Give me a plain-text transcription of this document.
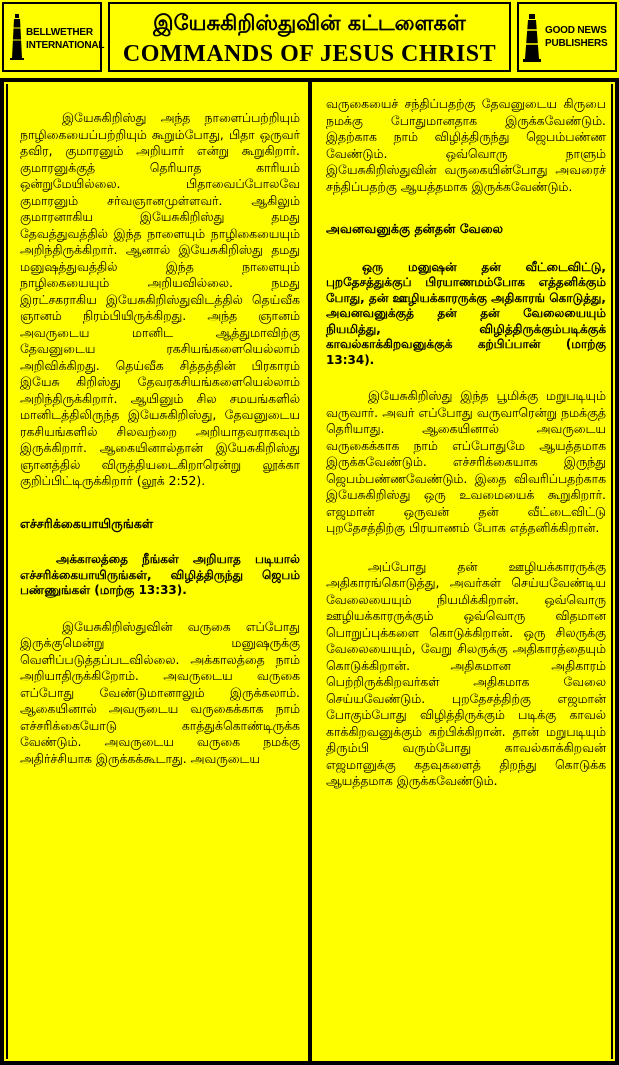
BELLWETHER INTERNATIONAL
இயேசுகிறிஸ்துவின் கட்டளைகள்
COMMANDS OF JESUS CHRIST
GOOD NEWS PUBLISHERS

இயேசுகிறிஸ்து அந்த நாளைப்பற்றியும் நாழிகையைப்பற்றியும் கூறும்போது, பிதா ஒருவர் தவிர, குமாரனும் அறியார் என்று கூறுகிறார். குமாரனுக்குத் தெரியாத காரியம் ஒன்றுமேயில்லை. பிதாவைப்போலவே குமாரனும் சர்வஞானமுள்ளவர். ஆகிலும் குமாரனாகிய இயேசுகிறிஸ்து தமது தேவத்துவத்தில் இந்த நாளையும் நாழிகையையும் அறிந்திருக்கிறார். ஆனால் இயேசுகிறிஸ்து தமது மனுஷத்துவத்தில் இந்த நாளையும் நாழிகையையும் அறியவில்லை. நமது இரட்சகராகிய இயேசுகிறிஸ்துவிடத்தில் தெய்வீக ஞானம் நிரம்பியிருக்கிறது. அந்த ஞானம் அவருடைய மானிட ஆத்துமாவிற்கு தேவனுடைய ரகசியங்களையெல்லாம் அறிவிக்கிறது. தெய்வீக சித்தத்தின் பிரகாரம் இயேசு கிறிஸ்து தேவரகசியங்களையெல்லாம் அறிந்திருக்கிறார். ஆயினும் சில சமயங்களில் மானிடத்திலிருந்த இயேசுகிறிஸ்து, தேவனுடைய ரகசியங்களில் சிலவற்றை அறியாதவராகவும் இருக்கிறார். ஆகையினால்தான் இயேசுகிறிஸ்து ஞானத்தில் விருத்தியடைகிறாரென்று லூக்கா குறிப்பிட்டிருக்கிறார் (லூக் 2:52).

எச்சரிக்கையாயிருங்கள்

அக்காலத்தை நீங்கள் அறியாத படியால் எச்சரிக்கையாயிருங்கள், விழித்திருந்து ஜெபம் பண்ணுங்கள் (மாற்கு 13:33).

இயேசுகிறிஸ்துவின் வருகை எப்போது இருக்குமென்று மனுஷருக்கு வெளிப்படுத்தப்படவில்லை. அக்காலத்தை நாம் அறியாதிருக்கிறோம். அவருடைய வருகை எப்போது வேண்டுமானாலும் இருக்கலாம். ஆகையினால் அவருடைய வருகைக்காக நாம் எச்சரிக்கையோடு காத்துக்கொண்டிருக்க வேண்டும். அவருடைய வருகை நமக்கு அதிர்ச்சியாக இருக்கக்கூடாது. அவருடைய

வருகையைச் சந்திப்பதற்கு தேவனுடைய கிருபை நமக்கு போதுமானதாக இருக்கவேண்டும். இதற்காக நாம் விழித்திருந்து ஜெபம்பண்ண வேண்டும். ஒவ்வொரு நாளும் இயேசுகிறிஸ்துவின் வருகையின்போது அவரைச் சந்திப்பதற்கு ஆயத்தமாக இருக்கவேண்டும்.

அவனவனுக்கு தன்தன் வேலை

ஒரு மனுஷன் தன் வீட்டைவிட்டு, புறதேசத்துக்குப் பிரயாணமம்போக எத்தனிக்கும் போது, தன் ஊழியக்காரருக்கு அதிகாரங் கொடுத்து, அவனவனுக்குத் தன் தன் வேலையையும் நியமித்து, விழித்திருக்கும்படிக்குக் காவல்காக்கிறவனுக்குக் கற்பிப்பான் (மாற்கு 13:34).

இயேசுகிறிஸ்து இந்த பூமிக்கு மறுபடியும் வருவார். அவர் எப்போது வருவாரென்று நமக்குத் தெரியாது. ஆகையினால் அவருடைய வருகைக்காக நாம் எப்போதுமே ஆயத்தமாக இருக்கவேண்டும். எச்சரிக்கையாக இருந்து ஜெபம்பண்ணவேண்டும். இதை விவரிப்பதற்காக இயேசுகிறிஸ்து ஒரு உவமையைக் கூறுகிறார். எஜமான் ஒருவன் தன் வீட்டைவிட்டு புறதேசத்திற்கு பிரயாணம் போக எத்தனிக்கிறான்.

அப்போது தன் ஊழியக்காரருக்கு அதிகாரங்கொடுத்து, அவர்கள் செய்யவேண்டிய வேலையையும் நியமிக்கிறான். ஒவ்வொரு ஊழியக்காரருக்கும் ஒவ்வொரு விதமான பொறுப்புக்களை கொடுக்கிறான். ஒரு சிலருக்கு வேலையையும், வேறு சிலருக்கு அதிகாரத்தையும் கொடுக்கிறான். அதிகமான அதிகாரம் பெற்றிருக்கிறவர்கள் அதிகமாக வேலை செய்யவேண்டும். புறதேசத்திற்கு எஜமான் போகும்போது விழித்திருக்கும் படிக்கு காவல் காக்கிறவனுக்கும் கற்பிக்கிறான். தான் மறுபடியும் திரும்பி வரும்போது காவல்காக்கிறவன் எஜமானுக்கு கதவுகளைத் திறந்து கொடுக்க ஆயத்தமாக இருக்கவேண்டும்.
